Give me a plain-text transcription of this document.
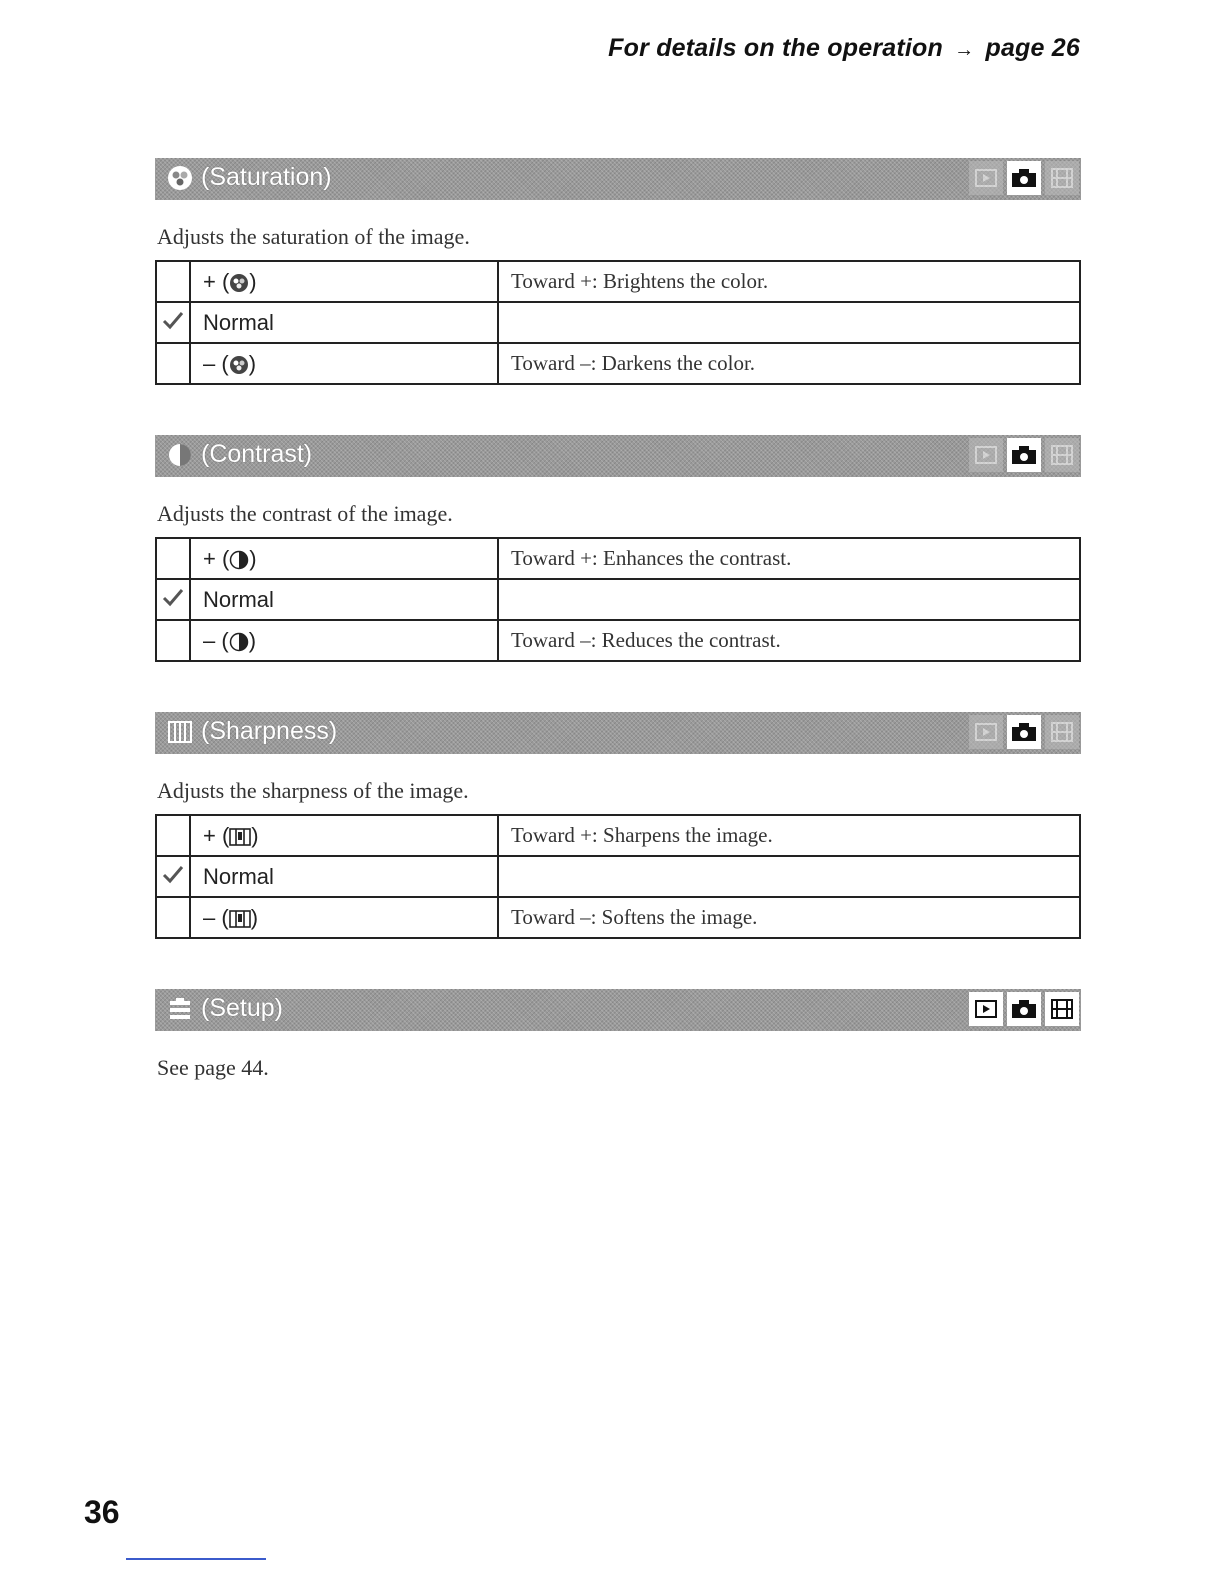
For details on the operation → page 26
(Saturation)
Adjusts the saturation of the image.
	+ ( )	Toward +: Brightens the color.
	Normal	
	– ( )	Toward –: Darkens the color.
(Contrast)
Adjusts the contrast of the image.
	+ ( )	Toward +: Enhances the contrast.
	Normal	
	– ( )	Toward –: Reduces the contrast.
(Sharpness)
Adjusts the sharpness of the image.
	+ ( )	Toward +: Sharpens the image.
	Normal	
	– ( )	Toward –: Softens the image.
(Setup)
See page 44.
36
